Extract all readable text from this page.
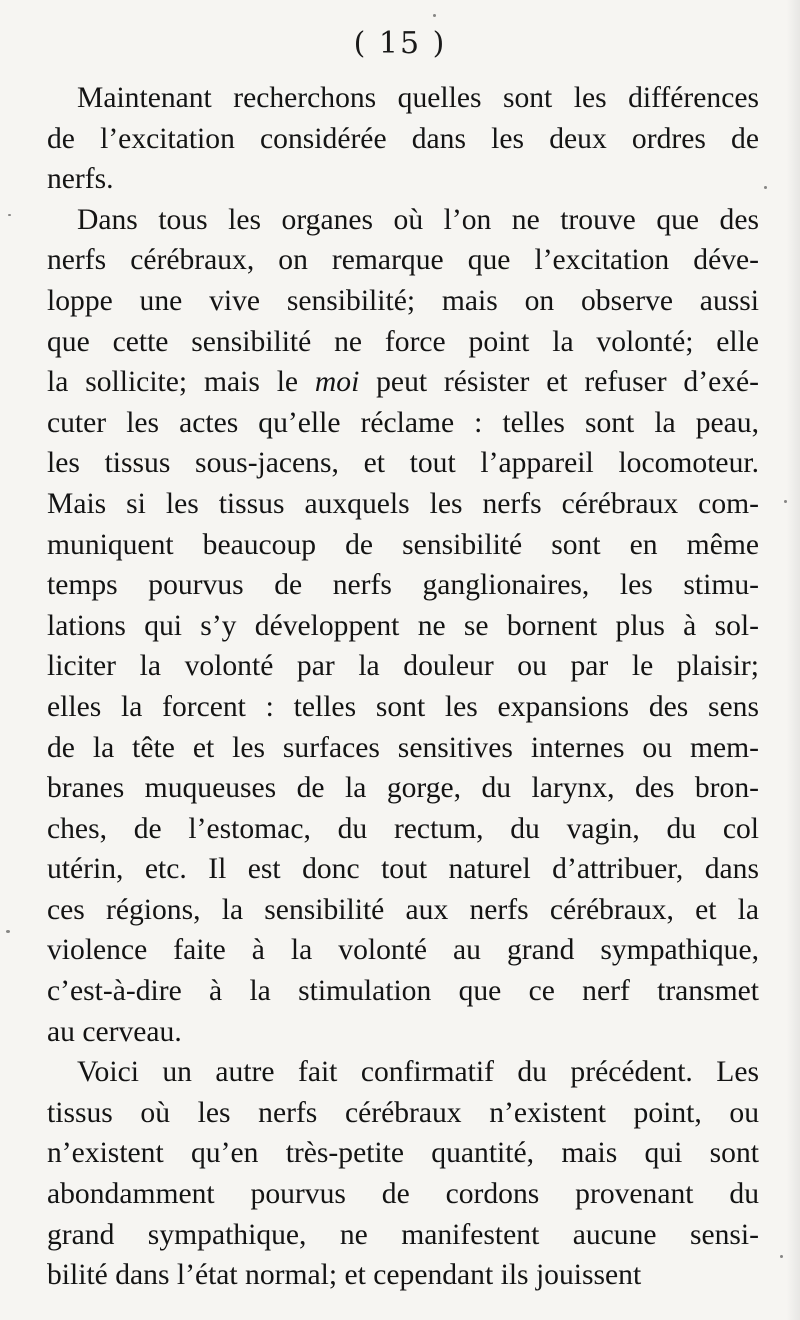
( 15 )
Maintenant recherchons quelles sont les différences
de l’excitation considérée dans les deux ordres de
nerfs.
Dans tous les organes où l’on ne trouve que des
nerfs cérébraux, on remarque que l’excitation déve-
loppe une vive sensibilité; mais on observe aussi
que cette sensibilité ne force point la volonté; elle
la sollicite; mais le moi peut résister et refuser d’exé-
cuter les actes qu’elle réclame : telles sont la peau,
les tissus sous-jacens, et tout l’appareil locomoteur.
Mais si les tissus auxquels les nerfs cérébraux com-
muniquent beaucoup de sensibilité sont en même
temps pourvus de nerfs ganglionaires, les stimu-
lations qui s’y développent ne se bornent plus à sol-
liciter la volonté par la douleur ou par le plaisir;
elles la forcent : telles sont les expansions des sens
de la tête et les surfaces sensitives internes ou mem-
branes muqueuses de la gorge, du larynx, des bron-
ches, de l’estomac, du rectum, du vagin, du col
utérin, etc. Il est donc tout naturel d’attribuer, dans
ces régions, la sensibilité aux nerfs cérébraux, et la
violence faite à la volonté au grand sympathique,
c’est-à-dire à la stimulation que ce nerf transmet
au cerveau.
Voici un autre fait confirmatif du précédent. Les
tissus où les nerfs cérébraux n’existent point, ou
n’existent qu’en très-petite quantité, mais qui sont
abondamment pourvus de cordons provenant du
grand sympathique, ne manifestent aucune sensi-
bilité dans l’état normal; et cependant ils jouissent
